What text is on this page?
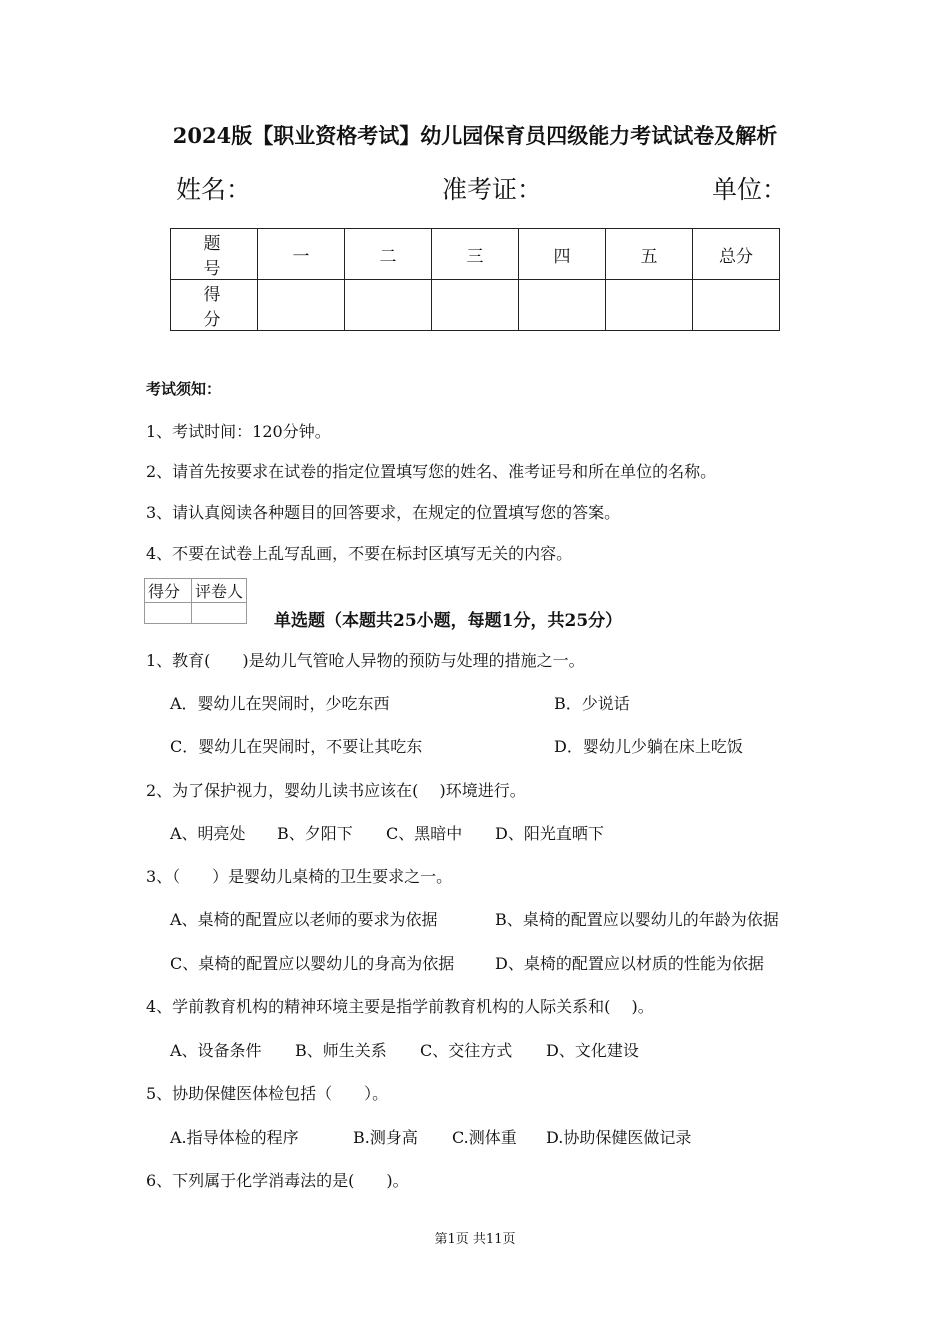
2024版【职业资格考试】幼儿园保育员四级能力考试试卷及解析
姓名：	准考证：	单位：
题 号	一	二	三	四	五	总分
得 分						
考试须知：
1、考试时间：120分钟。
2、请首先按要求在试卷的指定位置填写您的姓名、准考证号和所在单位的名称。
3、请认真阅读各种题目的回答要求，在规定的位置填写您的答案。
4、不要在试卷上乱写乱画，不要在标封区填写无关的内容。
得分	评卷人

单选题（本题共25小题，每题1分，共25分）
1、教育(　　)是幼儿气管呛人异物的预防与处理的措施之一。
A．婴幼儿在哭闹时，少吃东西	B．少说话
C．婴幼儿在哭闹时，不要让其吃东	D．婴幼儿少躺在床上吃饭
2、为了保护视力，婴幼儿读书应该在(　 )环境进行。
A、明亮处 B、夕阳下 C、黑暗中 D、阳光直晒下
3、（　　）是婴幼儿桌椅的卫生要求之一。
A、桌椅的配置应以老师的要求为依据	B、桌椅的配置应以婴幼儿的年龄为依据
C、桌椅的配置应以婴幼儿的身高为依据	D、桌椅的配置应以材质的性能为依据
4、学前教育机构的精神环境主要是指学前教育机构的人际关系和(　 )。
A、设备条件 B、师生关系 C、交往方式 D、文化建设
5、协助保健医体检包括（　　）。
A.指导体检的程序	B.测身高 C.测体重 D.协助保健医做记录
6、下列属于化学消毒法的是(　　)。
第1页 共11页
